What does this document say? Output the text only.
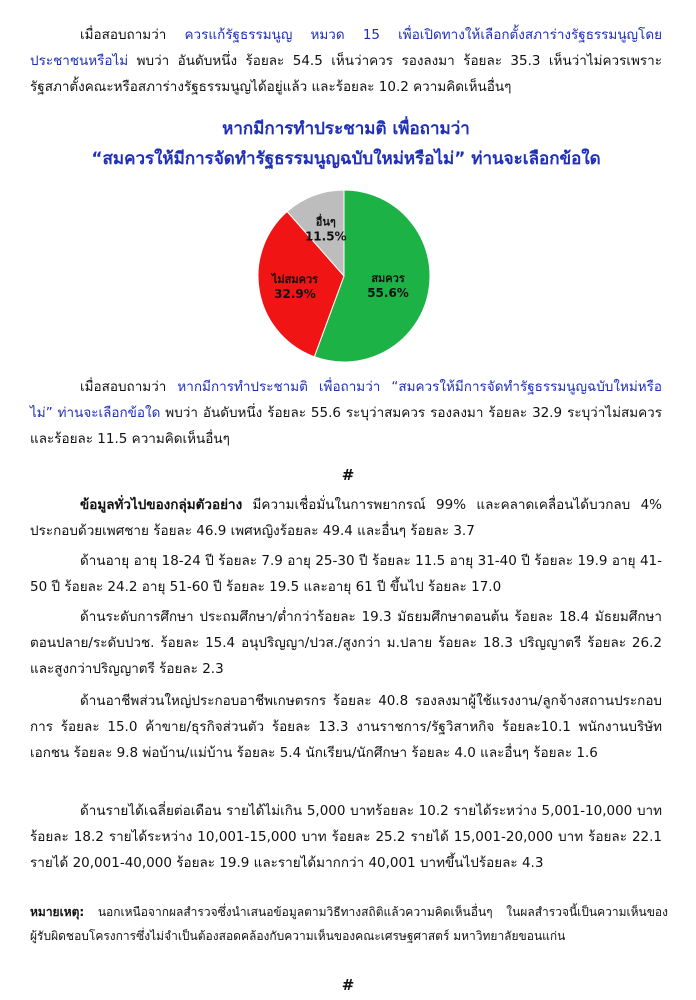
เมื่อสอบถามว่า ควรแก้รัฐธรรมนูญ หมวด 15 เพื่อเปิดทางให้เลือกตั้งสภาร่างรัฐธรรมนูญโดยประชาชนหรือไม่ พบว่า อันดับหนึ่ง ร้อยละ 54.5 เห็นว่าควร รองลงมา ร้อยละ 35.3 เห็นว่าไม่ควรเพราะรัฐสภาตั้งคณะหรือสภาร่างรัฐธรรมนูญได้อยู่แล้ว และร้อยละ 10.2 ความคิดเห็นอื่นๆ

หากมีการทำประชามติ เพื่อถามว่า
“สมควรให้มีการจัดทำรัฐธรรมนูญฉบับใหม่หรือไม่” ท่านจะเลือกข้อใด
สมควร
55.6%
ไม่สมควร
32.9%
อื่นๆ
11.5%

เมื่อสอบถามว่า หากมีการทำประชามติ เพื่อถามว่า “สมควรให้มีการจัดทำรัฐธรรมนูญฉบับใหม่หรือไม่” ท่านจะเลือกข้อใด พบว่า อันดับหนึ่ง ร้อยละ 55.6 ระบุว่าสมควร รองลงมา ร้อยละ 32.9 ระบุว่าไม่สมควร และร้อยละ 11.5 ความคิดเห็นอื่นๆ

#

ข้อมูลทั่วไปของกลุ่มตัวอย่าง มีความเชื่อมั่นในการพยากรณ์ 99% และคลาดเคลื่อนได้บวกลบ 4% ประกอบด้วยเพศชาย ร้อยละ 46.9 เพศหญิงร้อยละ 49.4 และอื่นๆ ร้อยละ 3.7

ด้านอายุ อายุ 18-24 ปี ร้อยละ 7.9 อายุ 25-30 ปี ร้อยละ 11.5 อายุ 31-40 ปี ร้อยละ 19.9 อายุ 41-50 ปี ร้อยละ 24.2 อายุ 51-60 ปี ร้อยละ 19.5 และอายุ 61 ปี ขึ้นไป ร้อยละ 17.0

ด้านระดับการศึกษา ประถมศึกษา/ต่ำกว่าร้อยละ 19.3 มัธยมศึกษาตอนต้น ร้อยละ 18.4 มัธยมศึกษาตอนปลาย/ระดับปวช. ร้อยละ 15.4 อนุปริญญา/ปวส./สูงกว่า ม.ปลาย ร้อยละ 18.3 ปริญญาตรี ร้อยละ 26.2 และสูงกว่าปริญญาตรี ร้อยละ 2.3

ด้านอาชีพส่วนใหญ่ประกอบอาชีพเกษตรกร ร้อยละ 40.8 รองลงมาผู้ใช้แรงงาน/ลูกจ้างสถานประกอบการ ร้อยละ 15.0 ค้าขาย/ธุรกิจส่วนตัว ร้อยละ 13.3 งานราชการ/รัฐวิสาหกิจ ร้อยละ10.1 พนักงานบริษัทเอกชน ร้อยละ 9.8 พ่อบ้าน/แม่บ้าน ร้อยละ 5.4 นักเรียน/นักศึกษา ร้อยละ 4.0 และอื่นๆ ร้อยละ 1.6

ด้านรายได้เฉลี่ยต่อเดือน รายได้ไม่เกิน 5,000 บาทร้อยละ 10.2 รายได้ระหว่าง 5,001-10,000 บาท ร้อยละ 18.2 รายได้ระหว่าง 10,001-15,000 บาท ร้อยละ 25.2 รายได้ 15,001-20,000 บาท ร้อยละ 22.1 รายได้ 20,001-40,000 ร้อยละ 19.9 และรายได้มากกว่า 40,001 บาทขึ้นไปร้อยละ 4.3

หมายเหตุ: นอกเหนือจากผลสำรวจซึ่งนำเสนอข้อมูลตามวิธีทางสถิติแล้วความคิดเห็นอื่นๆ ในผลสำรวจนี้เป็นความเห็นของผู้รับผิดชอบโครงการซึ่งไม่จำเป็นต้องสอดคล้องกับความเห็นของคณะเศรษฐศาสตร์ มหาวิทยาลัยขอนแก่น

#
